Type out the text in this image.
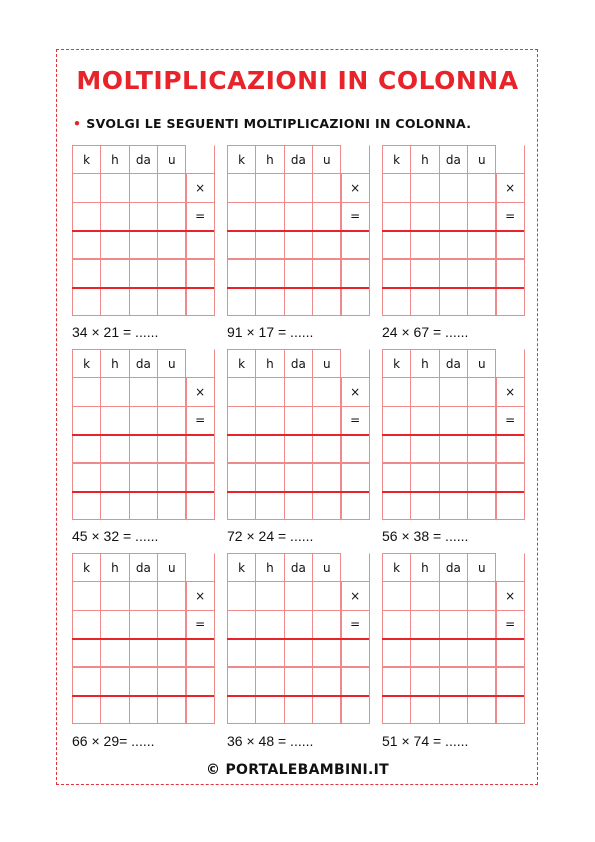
MOLTIPLICAZIONI IN COLONNA
• SVOLGI LE SEGUENTI MOLTIPLICAZIONI IN COLONNA.
k	h	da	u
×
=
34 × 21 = ......
k	h	da	u
×
=
91 × 17 = ......
k	h	da	u
×
=
24 × 67 = ......
k	h	da	u
×
=
45 × 32 = ......
k	h	da	u
×
=
72 × 24 = ......
k	h	da	u
×
=
56 × 38 = ......
k	h	da	u
×
=
66 × 29= ......
k	h	da	u
×
=
36 × 48 = ......
k	h	da	u
×
=
51 × 74 = ......
© PORTALEBAMBINI.IT
